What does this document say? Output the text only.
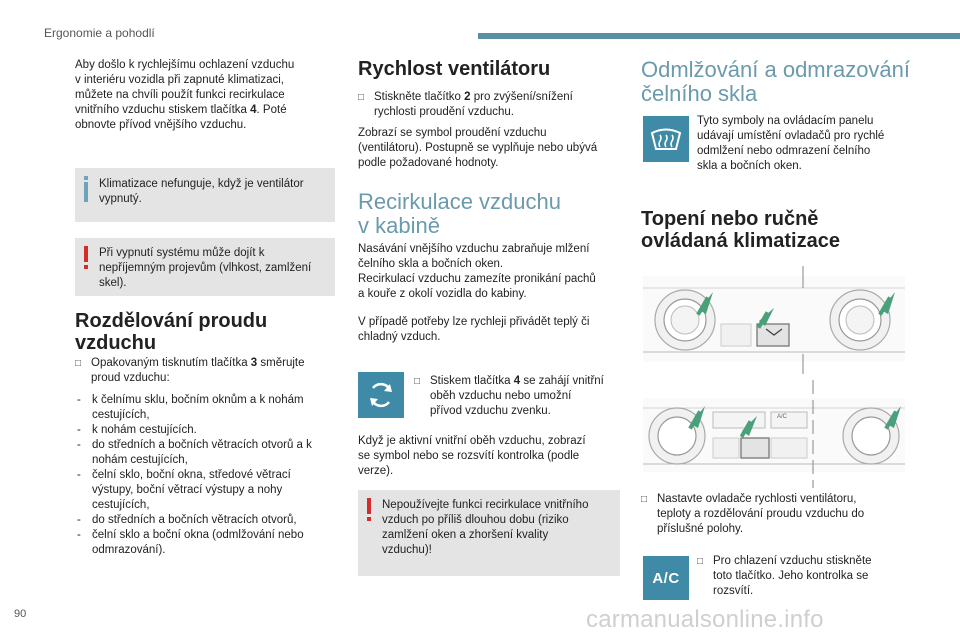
Ergonomie a pohodlí

Aby došlo k rychlejšímu ochlazení vzduchu

v interiéru vozidla při zapnuté klimatizaci,

můžete na chvíli použít funkci recirkulace

vnitřního vzduchu stiskem tlačítka 4. Poté

obnovte přívod vnějšího vzduchu.

Klimatizace nefunguje, když je ventilátor
vypnutý.
Při vypnutí systému může dojít k
nepříjemným projevům (vlhkost, zamlžení
skel).
Rozdělování proudu
vzduchu
□ Opakovaným tisknutím tlačítka 3 směrujte
proud vzduchu:
- k čelnímu sklu, bočním oknům a k nohám
cestujících,
- k nohám cestujících.
- do středních a bočních větracích otvorů a k
nohám cestujících,
- čelní sklo, boční okna, středové větrací
výstupy, boční větrací výstupy a nohy
cestujících,
- do středních a bočních větracích otvorů,
- čelní sklo a boční okna (odmlžování nebo
odmrazování).
Rychlost ventilátoru
□ Stiskněte tlačítko 2 pro zvýšení/snížení
rychlosti proudění vzduchu.

Zobrazí se symbol proudění vzduchu

(ventilátoru). Postupně se vyplňuje nebo ubývá

podle požadované hodnoty.

Recirkulace vzduchu
v kabině

Nasávání vnějšího vzduchu zabraňuje mlžení

čelního skla a bočních oken.

Recirkulací vzduchu zamezíte pronikání pachů

a kouře z okolí vozidla do kabiny.

V případě potřeby lze rychleji přivádět teplý či

chladný vzduch.

□ Stiskem tlačítka 4 se zahájí vnitřní
oběh vzduchu nebo umožní
přívod vzduchu zvenku.

Když je aktivní vnitřní oběh vzduchu, zobrazí

se symbol nebo se rozsvítí kontrolka (podle

verze).

Nepoužívejte funkci recirkulace vnitřního
vzduch po příliš dlouhou dobu (riziko
zamlžení oken a zhoršení kvality
vzduchu)!
Odmlžování a odmrazování
čelního skla

Tyto symboly na ovládacím panelu

udávají umístění ovladačů pro rychlé

odmlžení nebo odmrazení čelního

skla a bočních oken.

Topení nebo ručně
ovládaná klimatizace
A/C
□ Nastavte ovladače rychlosti ventilátoru,
teploty a rozdělování proudu vzduchu do
příslušné polohy.
A/C
□ Pro chlazení vzduchu stiskněte
toto tlačítko. Jeho kontrolka se
rozsvítí.
90	carmanualsonline.info
